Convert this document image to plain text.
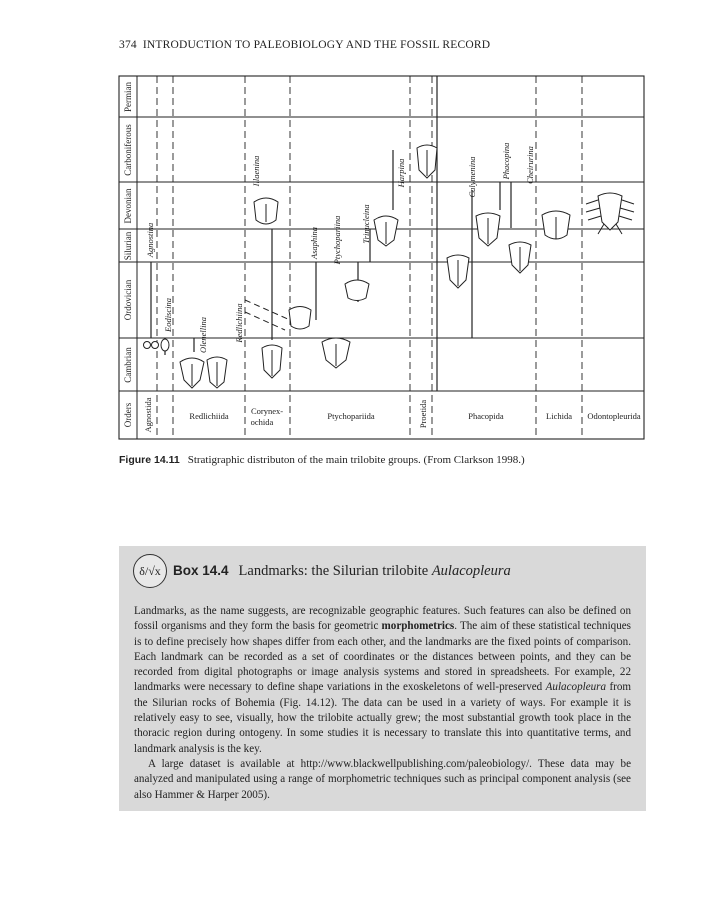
374 INTRODUCTION TO PALEOBIOLOGY AND THE FOSSIL RECORD
Permian
Carboniferous
Devonian
Silurian
Ordovician
Cambrian
Orders Agnostida	Redlichiida	Corynex-
ochida
Ptychopariida	Proetida	Phacopida	Lichida Odontopleurida
Agnostina
Eodiscina
Olenellina	Redlichiina
Illaenina
Asaphina Ptychopariina Trinucleina
Harpina	Calymenina	Phacopina Cheirurina
Figure 14.11 Stratigraphic distributon of the main trilobite groups. (From Clarkson 1998.)
δ/√x Box 14.4 Landmarks: the Silurian trilobite Aulacopleura

Landmarks, as the name suggests, are recognizable geographic features. Such features can also be defined on fossil organisms and they form the basis for geometric morphometrics. The aim of these statistical techniques is to define precisely how shapes differ from each other, and the landmarks are the fixed points of comparison. Each landmark can be recorded as a set of coordinates or the distances between points, and they can be recorded from digital photographs or image analysis systems and stored in spreadsheets. For example, 22 landmarks were necessary to define shape variations in the exoskeletons of well-preserved Aulacopleura from the Silurian rocks of Bohemia (Fig. 14.12). The data can be used in a variety of ways. For example it is relatively easy to see, visually, how the trilobite actually grew; the most substantial growth took place in the thoracic region during ontogeny. In some studies it is necessary to translate this into quantitative terms, and landmark analysis is the key.

A large dataset is available at http://www.blackwellpublishing.com/paleobiology/. These data may be analyzed and manipulated using a range of morphometric techniques such as principal component analysis (see also Hammer & Harper 2005).
